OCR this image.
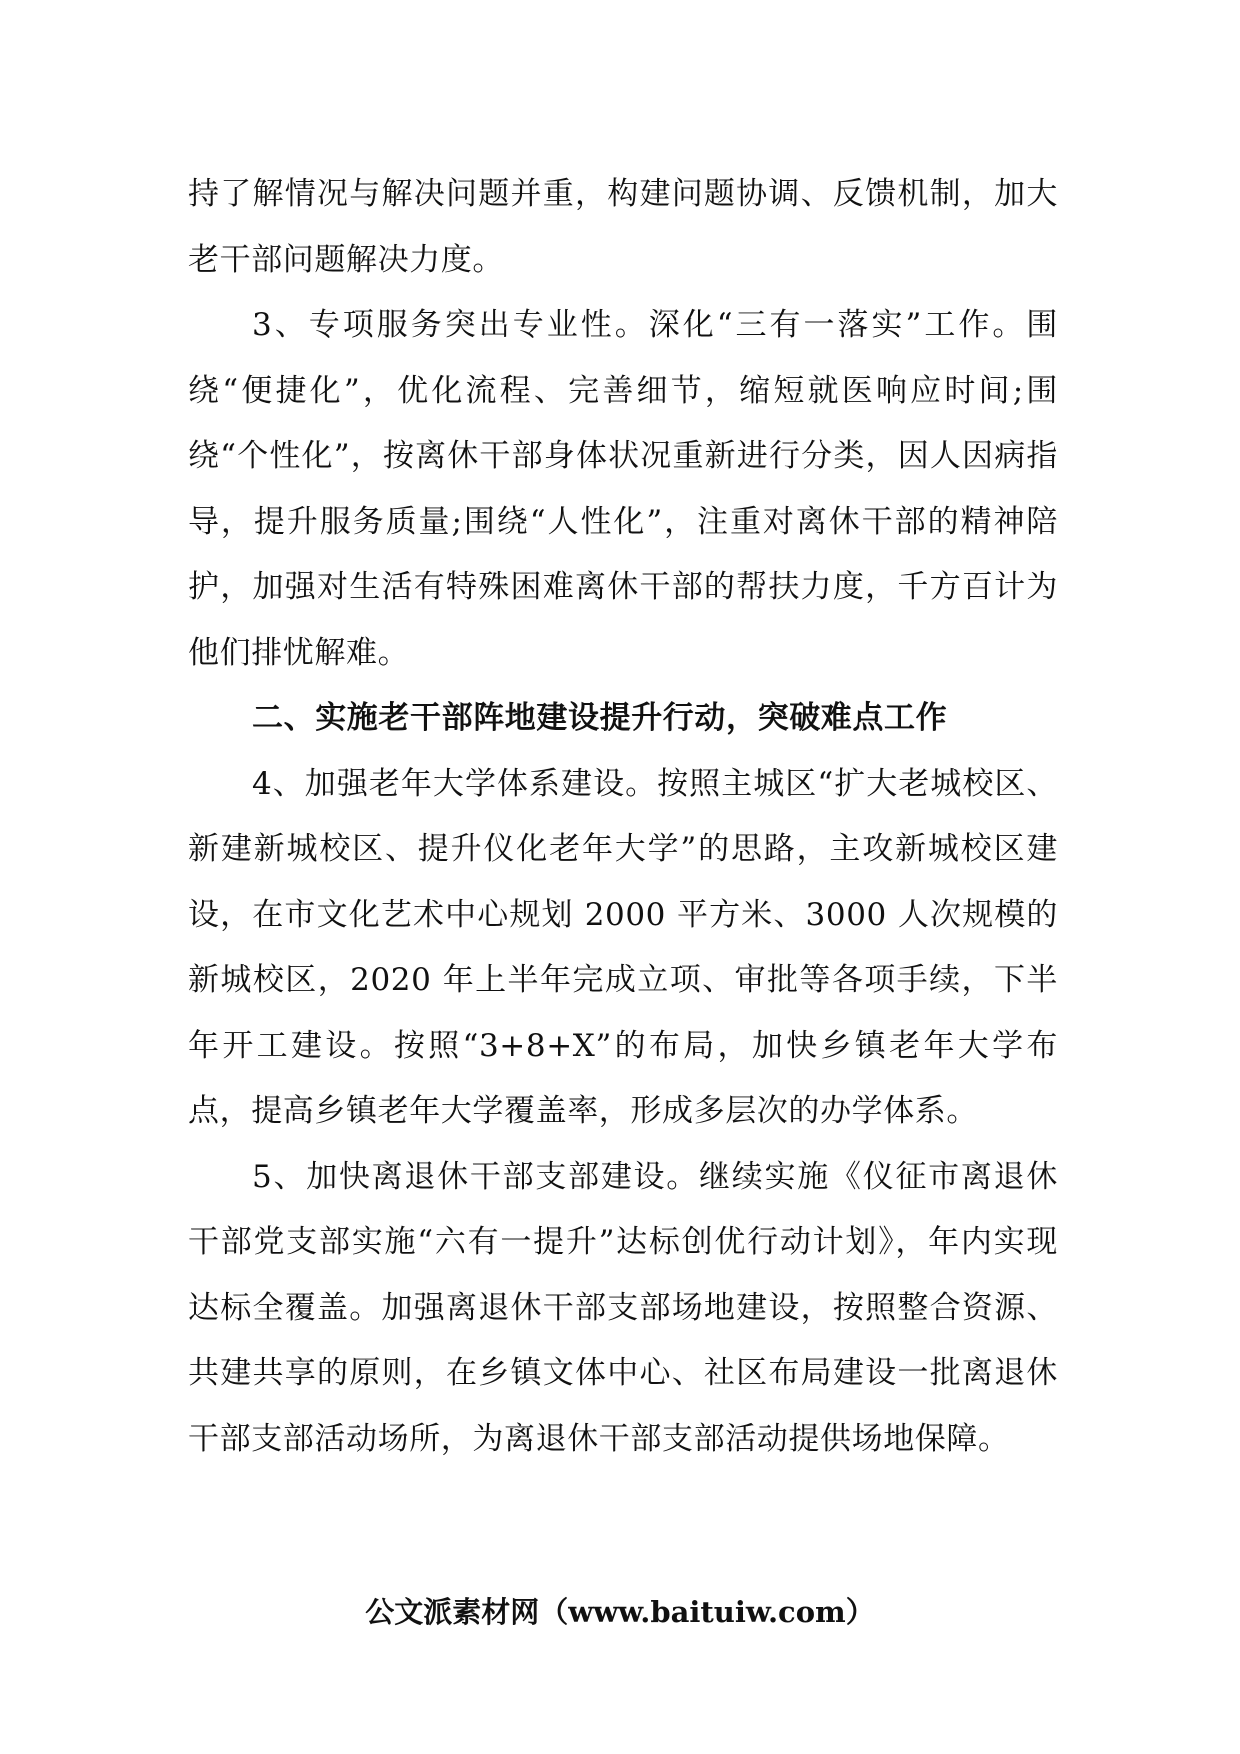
持了解情况与解决问题并重，构建问题协调、反馈机制，加大老干部问题解决力度。

3、专项服务突出专业性。深化“三有一落实”工作。围绕“便捷化”，优化流程、完善细节，缩短就医响应时间;围绕“个性化”，按离休干部身体状况重新进行分类，因人因病指导，提升服务质量;围绕“人性化”，注重对离休干部的精神陪护，加强对生活有特殊困难离休干部的帮扶力度，千方百计为他们排忧解难。

二、实施老干部阵地建设提升行动，突破难点工作

4、加强老年大学体系建设。按照主城区“扩大老城校区、新建新城校区、提升仪化老年大学”的思路，主攻新城校区建设，在市文化艺术中心规划 2000 平方米、3000 人次规模的新城校区，2020 年上半年完成立项、审批等各项手续，下半年开工建设。按照“3+8+X”的布局，加快乡镇老年大学布点，提高乡镇老年大学覆盖率，形成多层次的办学体系。

5、加快离退休干部支部建设。继续实施《仪征市离退休干部党支部实施“六有一提升”达标创优行动计划》，年内实现达标全覆盖。加强离退休干部支部场地建设，按照整合资源、共建共享的原则，在乡镇文体中心、社区布局建设一批离退休干部支部活动场所，为离退休干部支部活动提供场地保障。

公文派素材网（www.baituiw.com）
